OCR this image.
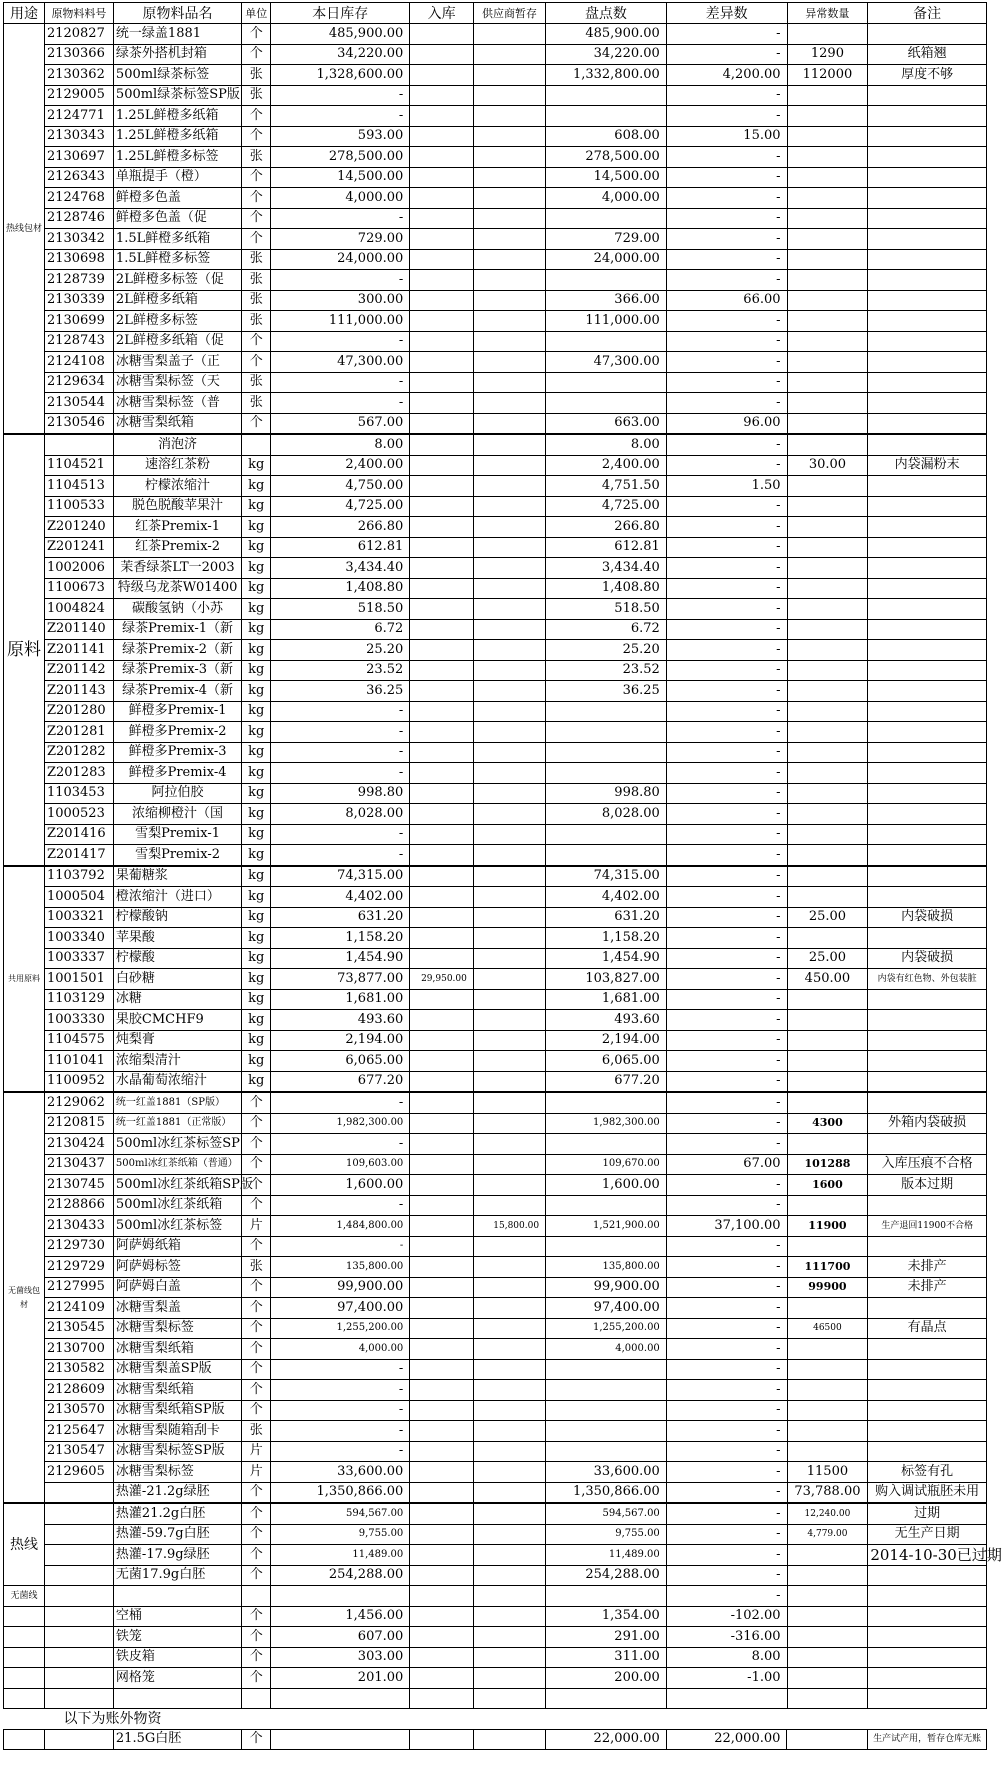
用途	原物料料号	原物料品名	单位	本日库存	入库	供应商暂存	盘点数	差异数	异常数量	备注
热线包材	2120827	统一绿盖1881	个	485,900.00			485,900.00	-		
	2130366	绿茶外搭机封箱	个	34,220.00			34,220.00	-	1290	纸箱翘
	2130362	500ml绿茶标签	张	1,328,600.00			1,332,800.00	4,200.00	112000	厚度不够
	2129005	500ml绿茶标签SP版	张	-				-		
	2124771	1.25L鲜橙多纸箱	个	-				-		
	2130343	1.25L鲜橙多纸箱	个	593.00			608.00	15.00		
	2130697	1.25L鲜橙多标签	张	278,500.00			278,500.00	-		
	2126343	单瓶提手（橙）	个	14,500.00			14,500.00	-		
	2124768	鲜橙多色盖	个	4,000.00			4,000.00	-		
	2128746	鲜橙多色盖（促	个	-				-		
	2130342	1.5L鲜橙多纸箱	个	729.00			729.00	-		
	2130698	1.5L鲜橙多标签	张	24,000.00			24,000.00	-		
	2128739	2L鲜橙多标签（促	张	-				-		
	2130339	2L鲜橙多纸箱	张	300.00			366.00	66.00		
	2130699	2L鲜橙多标签	张	111,000.00			111,000.00	-		
	2128743	2L鲜橙多纸箱（促	个	-				-		
	2124108	冰糖雪梨盖子（正	个	47,300.00			47,300.00	-		
	2129634	冰糖雪梨标签（天	张	-				-		
	2130544	冰糖雪梨标签（普	张	-				-		
	2130546	冰糖雪梨纸箱	个	567.00			663.00	96.00		
原料		消泡济		8.00			8.00	-		
	1104521	速溶红茶粉	kg	2,400.00			2,400.00	-	30.00	内袋漏粉末
	1104513	柠檬浓缩汁	kg	4,750.00			4,751.50	1.50		
	1100533	脱色脱酸苹果汁	kg	4,725.00			4,725.00	-		
	Z201240	红茶Premix-1	kg	266.80			266.80	-		
	Z201241	红茶Premix-2	kg	612.81			612.81	-		
	1002006	茉香绿茶LT一2003	kg	3,434.40			3,434.40	-		
	1100673	特级乌龙茶W01400	kg	1,408.80			1,408.80	-		
	1004824	碳酸氢钠（小苏	kg	518.50			518.50	-		
	Z201140	绿茶Premix-1（新	kg	6.72			6.72	-		
	Z201141	绿茶Premix-2（新	kg	25.20			25.20	-		
	Z201142	绿茶Premix-3（新	kg	23.52			23.52	-		
	Z201143	绿茶Premix-4（新	kg	36.25			36.25	-		
	Z201280	鲜橙多Premix-1	kg	-				-		
	Z201281	鲜橙多Premix-2	kg	-				-		
	Z201282	鲜橙多Premix-3	kg	-				-		
	Z201283	鲜橙多Premix-4	kg	-				-		
	1103453	阿拉伯胶	kg	998.80			998.80	-		
	1000523	浓缩柳橙汁（国	kg	8,028.00			8,028.00	-		
	Z201416	雪梨Premix-1	kg	-				-		
	Z201417	雪梨Premix-2	kg	-				-		
共用原料	1103792	果葡糖浆	kg	74,315.00			74,315.00	-		
	1000504	橙浓缩汁（进口）	kg	4,402.00			4,402.00	-		
	1003321	柠檬酸钠	kg	631.20			631.20	-	25.00	内袋破损
	1003340	苹果酸	kg	1,158.20			1,158.20	-		
	1003337	柠檬酸	kg	1,454.90			1,454.90	-	25.00	内袋破损
	1001501	白砂糖	kg	73,877.00	29,950.00		103,827.00	-	450.00	内袋有红色物、外包装脏
	1103129	冰糖	kg	1,681.00			1,681.00	-		
	1003330	果胶CMCHF9	kg	493.60			493.60	-		
	1104575	炖梨膏	kg	2,194.00			2,194.00	-		
	1101041	浓缩梨清汁	kg	6,065.00			6,065.00	-		
	1100952	水晶葡萄浓缩汁	kg	677.20			677.20	-		
无菌线包材	2129062	统一红盖1881（SP版）	个	-				-		
	2120815	统一红盖1881（正常版）	个	1,982,300.00			1,982,300.00	-	4300	外箱内袋破损
	2130424	500ml冰红茶标签SP	个	-				-		
	2130437	500ml冰红茶纸箱（普通）	个	109,603.00			109,670.00	67.00	101288	入库压痕不合格
	2130745	500ml冰红茶纸箱SP版	个	1,600.00			1,600.00	-	1600	版本过期
	2128866	500ml冰红茶纸箱	个	-				-		
	2130433	500ml冰红茶标签	片	1,484,800.00		15,800.00	1,521,900.00	37,100.00	11900	生产退回11900不合格
	2129730	阿萨姆纸箱	个	-				-		
	2129729	阿萨姆标签	张	135,800.00			135,800.00	-	111700	未排产
	2127995	阿萨姆白盖	个	99,900.00			99,900.00	-	99900	未排产
	2124109	冰糖雪梨盖	个	97,400.00			97,400.00	-		
	2130545	冰糖雪梨标签	个	1,255,200.00			1,255,200.00	-	46500	有晶点
	2130700	冰糖雪梨纸箱	个	4,000.00			4,000.00	-		
	2130582	冰糖雪梨盖SP版	个	-				-		
	2128609	冰糖雪梨纸箱	个	-				-		
	2130570	冰糖雪梨纸箱SP版	个	-				-		
	2125647	冰糖雪梨随箱刮卡	张	-				-		
	2130547	冰糖雪梨标签SP版	片	-				-		
	2129605	冰糖雪梨标签	片	33,600.00			33,600.00	-	11500	标签有孔
		热灌-21.2g绿胚	个	1,350,866.00			1,350,866.00	-	73,788.00	购入调试瓶胚未用
热线		热灌21.2g白胚	个	594,567.00			594,567.00	-	12,240.00	过期
		热灌-59.7g白胚	个	9,755.00			9,755.00	-	4,779.00	无生产日期
		热灌-17.9g绿胚	个	11,489.00			11,489.00	-		2014-10-30已过期
		无菌17.9g白胚	个	254,288.00			254,288.00	-		
无菌线								-		
		空桶	个	1,456.00			1,354.00	-102.00		
		铁笼	个	607.00			291.00	-316.00		
		铁皮箱	个	303.00			311.00	8.00		
		网格笼	个	201.00			200.00	-1.00		

以下为账外物资
		21.5G白胚	个				22,000.00	22,000.00		生产试产用，暂存仓库无账
